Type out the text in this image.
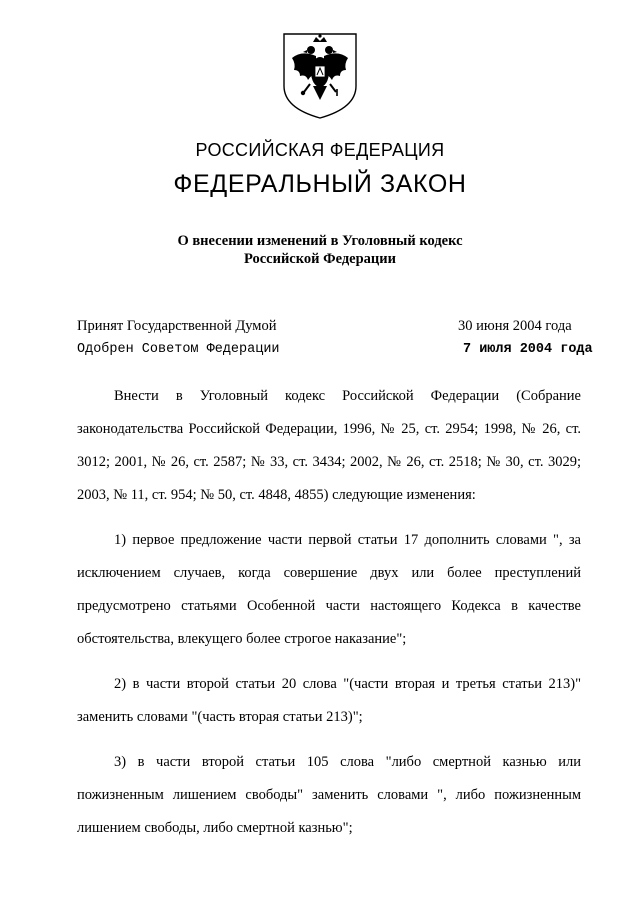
РОССИЙСКАЯ ФЕДЕРАЦИЯ
ФЕДЕРАЛЬНЫЙ ЗАКОН
О внесении изменений в Уголовный кодекс
Российской Федерации
Принят Государственной Думой	30 июня 2004 года
Одобрен Советом Федерации	7 июля 2004 года

Внести в Уголовный кодекс Российской Федерации (Собрание законодательства Российской Федерации, 1996, № 25, ст. 2954; 1998, № 26, ст. 3012; 2001, № 26, ст. 2587; № 33, ст. 3434; 2002, № 26, ст. 2518; № 30, ст. 3029; 2003, № 11, ст. 954; № 50, ст. 4848, 4855) следующие изменения:

1) первое предложение части первой статьи 17 дополнить словами ", за исключением случаев, когда совершение двух или более преступлений предусмотрено статьями Особенной части настоящего Кодекса в качестве обстоятельства, влекущего более строгое наказание";

2) в части второй статьи 20 слова "(части вторая и третья статьи 213)" заменить словами "(часть вторая статьи 213)";

3) в части второй статьи 105 слова "либо смертной казнью или пожизненным лишением свободы" заменить словами ", либо пожизненным лишением свободы, либо смертной казнью";
